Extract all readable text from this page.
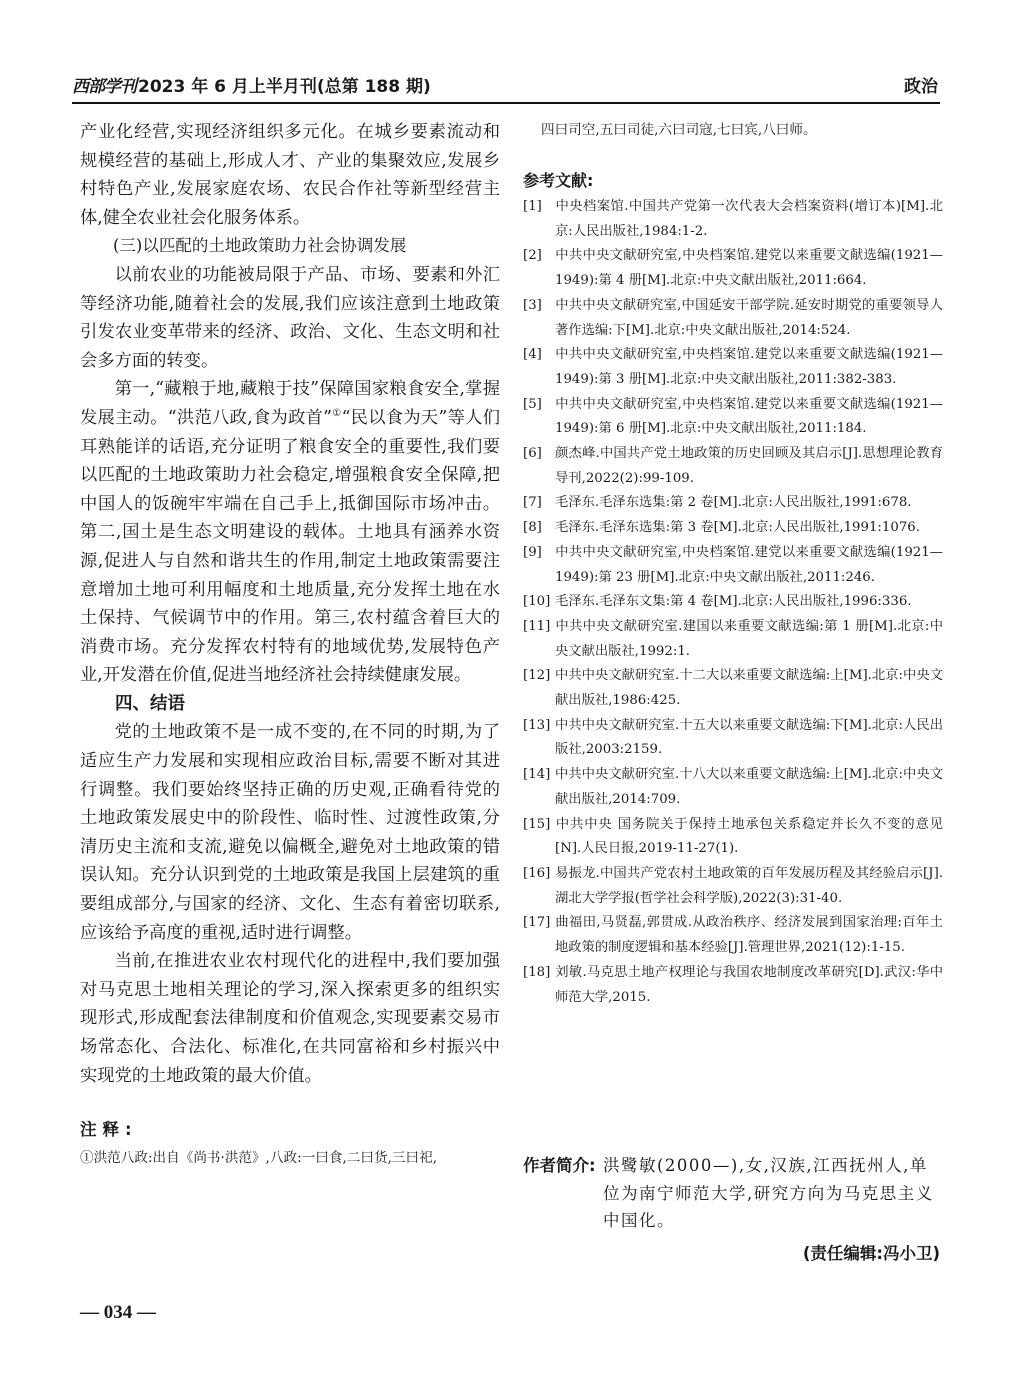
西部学刊 2023 年 6 月上半月刊(总第 188 期)	政治

产业化经营,实现经济组织多元化。在城乡要素流动和规模经营的基础上,形成人才、产业的集聚效应,发展乡村特色产业,发展家庭农场、农民合作社等新型经营主体,健全农业社会化服务体系。

(三)以匹配的土地政策助力社会协调发展

以前农业的功能被局限于产品、市场、要素和外汇等经济功能,随着社会的发展,我们应该注意到土地政策引发农业变革带来的经济、政治、文化、生态文明和社会多方面的转变。

第一,“藏粮于地,藏粮于技”保障国家粮食安全,掌握发展主动。“洪范八政,食为政首”①“民以食为天”等人们耳熟能详的话语,充分证明了粮食安全的重要性,我们要以匹配的土地政策助力社会稳定,增强粮食安全保障,把中国人的饭碗牢牢端在自己手上,抵御国际市场冲击。第二,国土是生态文明建设的载体。土地具有涵养水资源,促进人与自然和谐共生的作用,制定土地政策需要注意增加土地可利用幅度和土地质量,充分发挥土地在水土保持、气候调节中的作用。第三,农村蕴含着巨大的消费市场。充分发挥农村特有的地域优势,发展特色产业,开发潜在价值,促进当地经济社会持续健康发展。

四、结语

党的土地政策不是一成不变的,在不同的时期,为了适应生产力发展和实现相应政治目标,需要不断对其进行调整。我们要始终坚持正确的历史观,正确看待党的土地政策发展史中的阶段性、临时性、过渡性政策,分清历史主流和支流,避免以偏概全,避免对土地政策的错误认知。充分认识到党的土地政策是我国上层建筑的重要组成部分,与国家的经济、文化、生态有着密切联系,应该给予高度的重视,适时进行调整。

当前,在推进农业农村现代化的进程中,我们要加强对马克思土地相关理论的学习,深入探索更多的组织实现形式,形成配套法律制度和价值观念,实现要素交易市场常态化、合法化、标准化,在共同富裕和乡村振兴中实现党的土地政策的最大价值。

注释:

①洪范八政:出自《尚书·洪范》,八政:一曰食,二曰货,三曰祀,

四曰司空,五曰司徒,六曰司寇,七曰宾,八曰师。

参考文献:

[1] 中央档案馆.中国共产党第一次代表大会档案资料(增订本)[M].北京:人民出版社,1984:1-2.

[2] 中共中央文献研究室,中央档案馆.建党以来重要文献选编(1921—1949):第 4 册[M].北京:中央文献出版社,2011:664.

[3] 中共中央文献研究室,中国延安干部学院.延安时期党的重要领导人著作选编:下[M].北京:中央文献出版社,2014:524.

[4] 中共中央文献研究室,中央档案馆.建党以来重要文献选编(1921—1949):第 3 册[M].北京:中央文献出版社,2011:382-383.

[5] 中共中央文献研究室,中央档案馆.建党以来重要文献选编(1921—1949):第 6 册[M].北京:中央文献出版社,2011:184.

[6] 颜杰峰.中国共产党土地政策的历史回顾及其启示[J].思想理论教育导刊,2022(2):99-109.

[7] 毛泽东.毛泽东选集:第 2 卷[M].北京:人民出版社,1991:678.

[8] 毛泽东.毛泽东选集:第 3 卷[M].北京:人民出版社,1991:1076.

[9] 中共中央文献研究室,中央档案馆.建党以来重要文献选编(1921—1949):第 23 册[M].北京:中央文献出版社,2011:246.

[10] 毛泽东.毛泽东文集:第 4 卷[M].北京:人民出版社,1996:336.

[11] 中共中央文献研究室.建国以来重要文献选编:第 1 册[M].北京:中央文献出版社,1992:1.

[12] 中共中央文献研究室.十二大以来重要文献选编:上[M].北京:中央文献出版社,1986:425.

[13] 中共中央文献研究室.十五大以来重要文献选编:下[M].北京:人民出版社,2003:2159.

[14] 中共中央文献研究室.十八大以来重要文献选编:上[M].北京:中央文献出版社,2014:709.

[15] 中共中央 国务院关于保持土地承包关系稳定并长久不变的意见[N].人民日报,2019-11-27(1).

[16] 易振龙.中国共产党农村土地政策的百年发展历程及其经验启示[J].湖北大学学报(哲学社会科学版),2022(3):31-40.

[17] 曲福田,马贤磊,郭贯成.从政治秩序、经济发展到国家治理:百年土地政策的制度逻辑和基本经验[J].管理世界,2021(12):1-15.

[18] 刘敏.马克思土地产权理论与我国农地制度改革研究[D].武汉:华中师范大学,2015.

作者简介: 洪鹭敏(2000—),女,汉族,江西抚州人,单位为南宁师范大学,研究方向为马克思主义中国化。
(责任编辑:冯小卫)
— 034 —
